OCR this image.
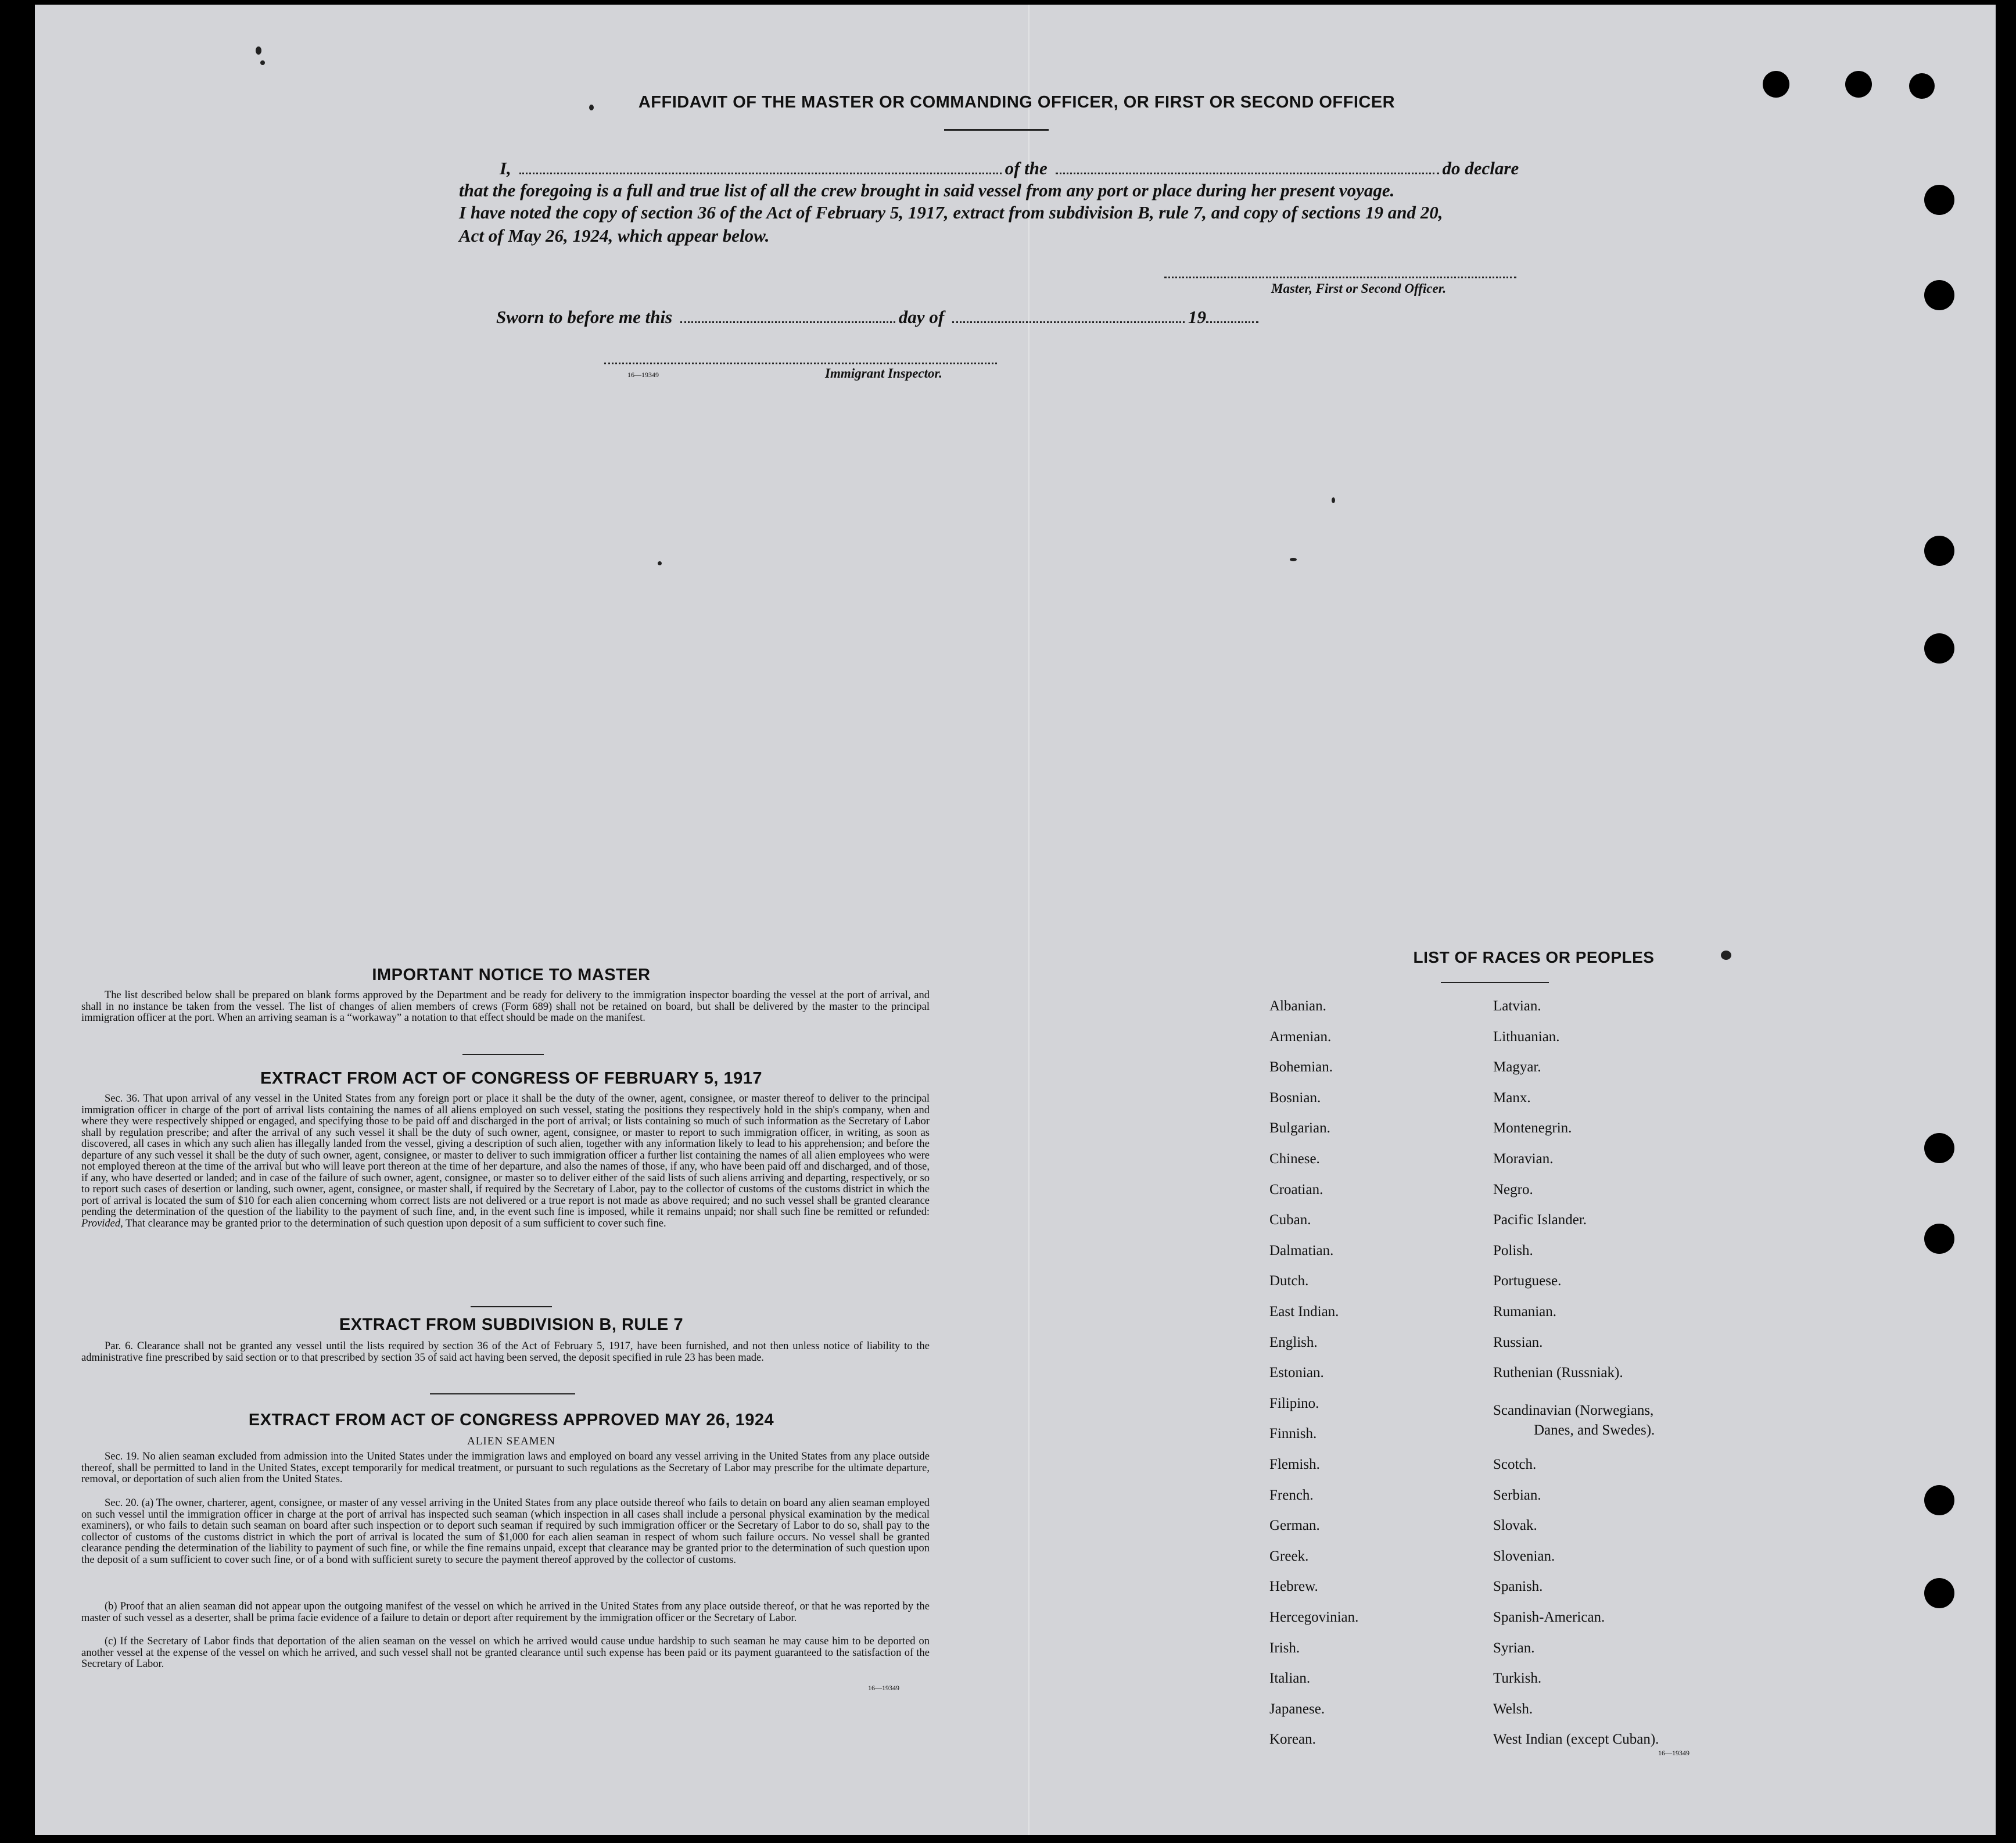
AFFIDAVIT OF THE MASTER OR COMMANDING OFFICER, OR FIRST OR SECOND OFFICER
I,	of the	do declare
that the foregoing is a full and true list of all the crew brought in said vessel from any port or place during her present voyage.
I have noted the copy of section 36 of the Act of February 5, 1917, extract from subdivision B, rule 7, and copy of sections 19 and 20,
Act of May 26, 1924, which appear below.
Master, First or Second Officer.
Sworn to before me this	day of	19
16—19349	Immigrant Inspector.
IMPORTANT NOTICE TO MASTER
The list described below shall be prepared on blank forms approved by the Department and be ready for delivery to the immigration inspector boarding the vessel at the port of arrival, and shall in no instance be taken from the vessel. The list of changes of alien members of crews (Form 689) shall not be retained on board, but shall be delivered by the master to the principal immigration officer at the port. When an arriving seaman is a “workaway” a notation to that effect should be made on the manifest.
EXTRACT FROM ACT OF CONGRESS OF FEBRUARY 5, 1917
Sec. 36. That upon arrival of any vessel in the United States from any foreign port or place it shall be the duty of the owner, agent, consignee, or master thereof to deliver to the principal immigration officer in charge of the port of arrival lists containing the names of all aliens employed on such vessel, stating the positions they respectively hold in the ship's company, when and where they were respectively shipped or engaged, and specifying those to be paid off and discharged in the port of arrival; or lists containing so much of such information as the Secretary of Labor shall by regulation prescribe; and after the arrival of any such vessel it shall be the duty of such owner, agent, consignee, or master to report to such immigration officer, in writing, as soon as discovered, all cases in which any such alien has illegally landed from the vessel, giving a description of such alien, together with any information likely to lead to his apprehension; and before the departure of any such vessel it shall be the duty of such owner, agent, consignee, or master to deliver to such immigration officer a further list containing the names of all alien employees who were not employed thereon at the time of the arrival but who will leave port thereon at the time of her departure, and also the names of those, if any, who have been paid off and discharged, and of those, if any, who have deserted or landed; and in case of the failure of such owner, agent, consignee, or master so to deliver either of the said lists of such aliens arriving and departing, respectively, or so to report such cases of desertion or landing, such owner, agent, consignee, or master shall, if required by the Secretary of Labor, pay to the collector of customs of the customs district in which the port of arrival is located the sum of $10 for each alien concerning whom correct lists are not delivered or a true report is not made as above required; and no such vessel shall be granted clearance pending the determination of the question of the liability to the payment of such fine, and, in the event such fine is imposed, while it remains unpaid; nor shall such fine be remitted or refunded: Provided, That clearance may be granted prior to the determination of such question upon deposit of a sum sufficient to cover such fine.
EXTRACT FROM SUBDIVISION B, RULE 7
Par. 6. Clearance shall not be granted any vessel until the lists required by section 36 of the Act of February 5, 1917, have been furnished, and not then unless notice of liability to the administrative fine prescribed by said section or to that prescribed by section 35 of said act having been served, the deposit specified in rule 23 has been made.
EXTRACT FROM ACT OF CONGRESS APPROVED MAY 26, 1924
ALIEN SEAMEN
Sec. 19. No alien seaman excluded from admission into the United States under the immigration laws and employed on board any vessel arriving in the United States from any place outside thereof, shall be permitted to land in the United States, except temporarily for medical treatment, or pursuant to such regulations as the Secretary of Labor may prescribe for the ultimate departure, removal, or deportation of such alien from the United States.
Sec. 20. (a) The owner, charterer, agent, consignee, or master of any vessel arriving in the United States from any place outside thereof who fails to detain on board any alien seaman employed on such vessel until the immigration officer in charge at the port of arrival has inspected such seaman (which inspection in all cases shall include a personal physical examination by the medical examiners), or who fails to detain such seaman on board after such inspection or to deport such seaman if required by such immigration officer or the Secretary of Labor to do so, shall pay to the collector of customs of the customs district in which the port of arrival is located the sum of $1,000 for each alien seaman in respect of whom such failure occurs. No vessel shall be granted clearance pending the determination of the liability to payment of such fine, or while the fine remains unpaid, except that clearance may be granted prior to the determination of such question upon the deposit of a sum sufficient to cover such fine, or of a bond with sufficient surety to secure the payment thereof approved by the collector of customs.
(b) Proof that an alien seaman did not appear upon the outgoing manifest of the vessel on which he arrived in the United States from any place outside thereof, or that he was reported by the master of such vessel as a deserter, shall be prima facie evidence of a failure to detain or deport after requirement by the immigration officer or the Secretary of Labor.
(c) If the Secretary of Labor finds that deportation of the alien seaman on the vessel on which he arrived would cause undue hardship to such seaman he may cause him to be deported on another vessel at the expense of the vessel on which he arrived, and such vessel shall not be granted clearance until such expense has been paid or its payment guaranteed to the satisfaction of the Secretary of Labor.
16—19349
LIST OF RACES OR PEOPLES
Albanian.
Armenian.
Bohemian.
Bosnian.
Bulgarian.
Chinese.
Croatian.
Cuban.
Dalmatian.
Dutch.
East Indian.
English.
Estonian.
Filipino.
Finnish.
Flemish.
French.
German.
Greek.
Hebrew.
Hercegovinian.
Irish.
Italian.
Japanese.
Korean.
Latvian.
Lithuanian.
Magyar.
Manx.
Montenegrin.
Moravian.
Negro.
Pacific Islander.
Polish.
Portuguese.
Rumanian.
Russian.
Ruthenian (Russniak).
Scandinavian (Norwegians,
Danes, and Swedes).
Scotch.
Serbian.
Slovak.
Slovenian.
Spanish.
Spanish-American.
Syrian.
Turkish.
Welsh.
West Indian (except Cuban).
16—19349
